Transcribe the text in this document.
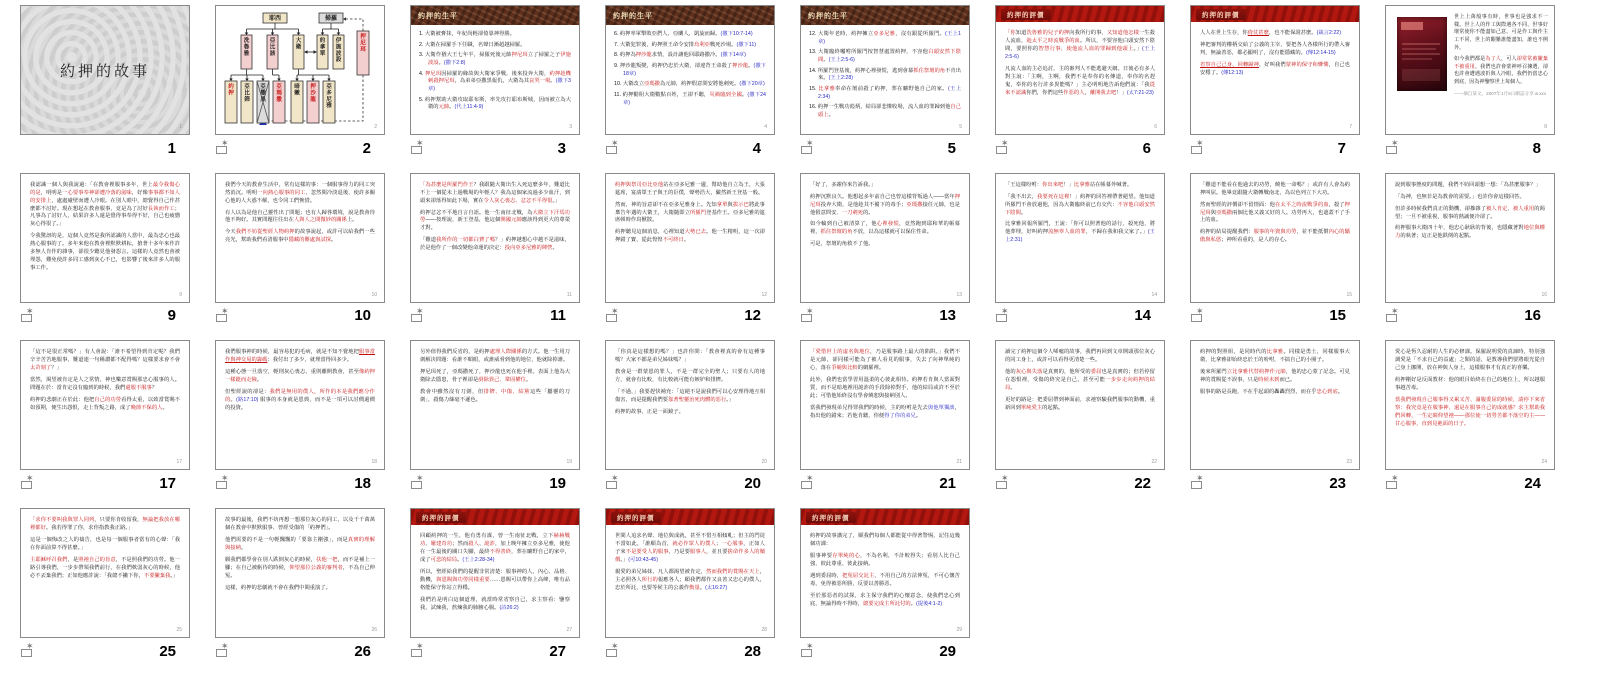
約押的故事
1
1
耶西	掃羅
洗魯雅
亞比該
大衛
約拿單
伊施波設
押尼珥
約押
亞比筛
亞撒黑
亞瑪撒
暗嫩
押沙龍
亞多尼雅
2
✶
2
約押的生平
1. 大衛被膏抹，年紀尚輕卻倚靠神得勝。
2. 大衛在掃羅手下任職，名聲日漸超越掃羅。
3. 大衛作猶大王七年半，掃羅死後元帥押尼珥立了掃羅之子伊施波設。(撒下2:8)
4. 押尼珥因掃羅的緣故與大衛家爭戰，後來投奔大衛，約押趁機刺殺押尼珥，為弟弟亞撒黑報仇，大衛為其哀哭一場。(撒下3章)
5. 約押幫助大衛攻取耶布斯，率先攻打耶布斯城，因而被立為大衛的元帥。(代上11:4-9)
3
✶
3
約押的生平
6. 約押率軍擊敗亞捫人、亞蘭人，凱旋而歸。(撒下10:7-14)
7. 大衛犯罪後，約押照王命令安排烏利亞戰死沙場。(撒下11)
8. 約押為押沙龍求情，設計讓他回耶路撒冷。(撒下14章)
9. 押沙龍叛變，約押仍忠於大衛，卻違背王命殺了押沙龍。(撒下18章)
10. 大衛改立亞瑪撒為元帥，約押假意問安將他刺死。(撒下20章)
11. 約押勸阻大衛數點百姓，王卻不聽，災禍臨到全國。(撒下24章)
4
✶
4
約押的生平
12. 大衛年老時，約押擁立亞多尼雅，沒有跟從所羅門。(王上1章)
13. 大衛臨終囑咐所羅門按智慧處置約押，不容他白頭安然下陰間。(王上2:5-6)
14. 所羅門登基後，約押心裡發慌，逃到會幕抓住祭壇的角不肯出來。(王上2:28)
15. 比拿雅奉命在壇前殺了約押，葬在曠野他自己的家。(王上2:34)
16. 約押一生戰功彪炳，結局卻悲慘收場，流人血的罪歸到他自己頭上。
5
✶
5
約押的評價
「你知道洗魯雅的兒子約押向我所行的事，又知道他怎樣一生殺人流血，趁太平之時流戰爭的血。所以，不要容他白頭安然下陰間，要照你的智慧行事，使他流人血的罪歸到他頭上。」(王上2:5-6)
凡流人血的主必追討，主的審判人不能逃避天網。日後必有多人對主說：「主啊，主啊，我們不是奉你的名傳道，奉你的名趕鬼，奉你的名行許多異能嗎？」主必明明地告訴他們說：「我從來不認識你們，你們這些作惡的人，離開我去吧！」(太7:21-23)
6
✶
6
約押的評價
人人在世上生存，你倚仗甚麼，也不能保證甚麼。(箴言2:22)
神把審判的權柄交給了公義的主宰，要把各人各樣所行的帶入審判，無論善惡，都必顯明了，沒有能隱藏的。(傳12:14-15)
省察自己己身、回轉歸神，好叫我們蒙神的保守和憐憫，自己也安穩了。(傳12:13)
7
✶
7
世上上萬般事有時，世事也是強求不一樣。世上人的作工與際遇各不同，世事好壞常使你不能盡如己意。可是作工與作主工不同，世上的艱難誰能盡知，誰也不例外。
如今我們都是為了人，可人卻常常被撇棄不被重用。我們也許會蒙神呼召揀選，卻也許會遭遇波折與人冷眼，我們仍當忠心到底，因為神鑒察世上每個人。
——摘自某文，2007年1月5日網誌分享 w.xxx
8
✶
8
我認識一個人與我說過：「在教會裡服事多年，世上最令我傷心的是，明明是一心要事奉神卻遭冷落的滋味，好像事事都不如人的安排上，處處碰壁而遭人冷眼。在別人眼中，總覺得自己作甚麼都不討好。現在想起在教會服事，竟是為了討好長執而作工；凡事為了討好人，結果許多人還是覺得事奉得不好，自己也疲憊灰心得很了。」
令我驚訝的是，這個人竟然是我所認識的人當中，最為忠心也最熱心服事的了。多年來他在教會裡默默耕耘，搶著十多年來作許多無人肯作的雜事，卻很少聽見他發怨言。這樣的人竟然也會被埋怨，難免使許多同工感到灰心不已，也影響了後來許多人的服事工作。
9
✶
9
我們今天的教會生活中，常有這樣的事：一個服事得力的同工突然消沉。明明一向熱心服事的同工，忽然間冷淡退後，使許多關心他的人大惑不解，也令同工們惋惜。
有人以為是他自己靈性出了問題；也有人歸咎環境，說是教會待他不夠好。其實問題往往出在人與人之間微妙的關係上。
今天我們不妨從聖經人物約押的故事說起，或許可以給我們一些亮光，幫助我們看清服事中隱藏的難處與試探。
10
✶
10
「為甚麼是所羅門作王？我跟隨大衛出生入死這麼多年，難道比不上一個從未上過戰場的年輕人？我為這個家流過多少血汗，到頭來卻落得如此下場，實在令人灰心喪志、忿忿不平得很。」
約押忿忿不平地自言自語。他一生南征北戰，為大衛立下汗馬功勞——按理說，新王登基，他這個開國元帥應該得到更大的尊榮才對。
「難道我所作的一切都白費了嗎？」約押越想心中越不是滋味，於是他作了一個改變他命運的決定：投向亞多尼雅的陣營。
11
✶
11
約押與祭司亞比亞他站在亞多尼雅一邊，幫助他自立為王，大張筵席，宴請眾王子與王的臣僕，聲勢浩大，儼然新王登基一般。
然而，神的旨意卻不在亞多尼雅身上。先知拿單與拔示巴將此事稟告年邁的大衛王，大衛隨即立所羅門登基作王。亞多尼雅的筵席頓時作鳥獸散。
約押聽見這個消息，心裡知道大勢已去。他一生精明，這一次卻押錯了寶，從此惶惶不可終日。
12
✶
12
「好了，多謝你來告訴我。」
約押沉默良久。他想起多年前自己也曾這樣背叛過人——當年押尼珥投奔大衛，是他趁其不備下的毒手；亞瑪撒接任元帥，也是他假意問安、一刀刺死的。
如今輪到自己被清算了，他心裡發慌，竟然跑到耶和華的帳幕裡，抓住祭壇的角不放，以為這樣就可以保住性命。
可是，祭壇的角救不了他。
13
✶
13
「王這樣吩咐：你出來吧！」比拿雅站在帳幕外喊著。
「我不出去，我要死在這裡！」約押的回答裡帶著絕望。他知道所羅門不會放過他，因為大衛臨終前已有交代：不容他白頭安然下陰間。
比拿雅回報所羅門，王說：「你可以照著他的話行，殺死他，將他葬埋，好叫約押流無辜人血的罪，不歸在我和我父家了。」(王上2:31)
14
✶
14
「難道不能看在他過去的功勞，饒他一命嗎？」或許有人會為約押叫屈。他畢竟跟隨大衛轉戰南北，為以色列立下大功。
然而聖經的評價卻不留情面：他在太平之時流戰爭的血，殺了押尼珥與亞瑪撒兩個比他又義又好的人。功勞再大，也遮蓋不了手上的血。
約押的結局提醒我們：服事的年資與功勞，並不能抵償內心的驕傲與私慾；神所看重的，是人的存心。
15
✶
15
說到服事態度的問題，我們不妨回頭想一想：「為甚麼服事？」
「為神，也無非是為教會的需要。」也許你會這樣回答。
但許多時候我們真正的動機，卻摻雜了被人肯定、被人重用的渴望；一旦不被重視，服事的熱誠便冷卻了。
約押服事大衛四十年，他忠心耿耿的背後，也隱藏著對地位與權力的執著；這正是他跌倒的起點。
16
✶
16
「這不是很正常嗎？」有人會說：「誰不希望得到肯定呢？我們辛辛苦苦地服事，難道連一句稱讚都不配得嗎？這樣要求會不會太苛刻了？」
當然，渴望被肯定是人之常情，神也樂意賞賜那忠心服事的人。問題在於：當肯定沒有臨到的時候，我們還服不服事？
約押的悲劇正在於此：他把自己的功勞看得太重，以致當賞賜不如預期，便生出怨恨，走上背叛之路，成了晚節不保的人。
17
✶
17
我們服事神的時候，最容易犯的毛病，就是不知不覺地把服事當作與神交易的籌碼：我付出了多少，就理當得回多少。
這種心態一旦落空，輕則灰心喪志，重則離開教會，甚至像約押一樣鋌而走險。
但聖經說的卻是：我們是無用的僕人，所作的本是我們應分作的。(路17:10) 服事的本身就是恩典，而不是一項可以討價還價的投資。
18
✶
18
另外值得我們反省的，是約押處理人際關係的方式。他一生用刀劍解決問題：看誰不順眼，或誰威脅到他的地位，他就除掉誰。
押尼珥死了，亞瑪撒死了，押沙龍也死在他手裡。表面上他為大衛除去隱患，骨子裡卻是剷除異己、鞏固權位。
教會中雖然沒有刀劍，但排擠、中傷、結黨這些「屬靈的刀劍」，殺傷力絲毫不遜色。
19
✶
19
「你真是這樣想的嗎？」也許你問：「教會裡真的會有這種事嗎？大家不都是弟兄姊妹嗎？」
教會是一群蒙恩的罪人，不是一群完全的聖人；只要有人的地方，就會有比較，有比較就可能有嫉妒和排擠。
「不過，」我要趕快補充：「這絕不是說我們可以心安理得地互相傷害，而是提醒我們要靠著聖靈治死肉體的惡行。」
約押的故事，正是一面鏡子。
20
✶
20
「愛惜世上的虛名與地位，乃是服事路上最大的陷阱。」我們不是元帥，卻同樣可能為了被人看見的服事，失去了向神單純的心，落在爭競與比較的網羅裡。
此外，我們也當學習用溫柔的心彼此相待。約押若肯與人當面對質，而不是暗地裡用詭詐的手段除掉對手，他的結局或許不至於此；可惜他始終沒有學會饒恕與接納別人。
當我們發現弟兄得罪我們的時候，主的吩咐是先去與他單獨談，指出他的錯來；若他肯聽，你便得了你的弟兄。
21
✶
21
讀完了約押這個令人唏噓的故事，我們再回到文章開頭那位灰心的同工身上，或許可以看得更清楚一些。
他的灰心與失落是真實的，他所受的委屈也是真實的；但若停留在怨恨裡，受傷的終究是自己，甚至可能一步步走向約押的結局。
更好的路是：把委屈帶到神面前，求祂察驗我們服事的動機，重新回到單純愛主的起點。
22
✶
22
約押的對照組，是同時代的比拿雅。同樣是勇士，同樣服事大衛，比拿雅卻始終忠於王的吩咐，不搞自己的小圈子。
後來所羅門立比拿雅代替約押作元帥，他的忠心蒙了記念。可見神的賞賜從不誤事，只是時候未到而已。
服事的路是長跑，不在乎起頭的轟轟烈烈，而在乎忠心到底。
23
✶
23
愛心是恆久忍耐的人生的必修課。保羅說明愛的真諦時，特別強調愛是「不求自己的益處」之類的話，是教導我們要將眼光從自己身上挪開，放在神與人身上，這樣服事才有真正的喜樂。
約押剛好是反面教材：他的眼目始終在自己的地位上，所以越服事越苦毒。
當我們發現自己服事得又累又苦、滿腹委屈的時候，請停下來省察：我究竟是在服事神，還是在服事自己的成就感？求主幫助我們回轉，一生定睛仰望祂——那位使一切勞苦都不落空的主——甘心服事，直到見祂面的日子。
24
✶
24
「求你不要叫我與罪人同列，只要你肯收留我，無論把我放在哪裡都好。我若得罪了你，求你指教我正路。」
這是一個悔改之人的禱告，也是每一個服事者當有的心聲：「我在你面前算不得甚麼。」
主耶穌呼召我們，是照祂自己的旨意，不是照我們的功勞。他一路引導我們，一步步帶領我們前行，在我們軟弱灰心的時候，他必不丟棄我們；正如他應許說：「我總不撇下你，不要撇棄我。」
25
✶
25
故事的最後，我們不妨再想一想那位灰心的同工，以及千千萬萬個在教會中默默服事、曾經受傷的「約押們」。
他們需要的不是一句輕飄飄的「要靠主剛強」，而是真實的理解與接納。
願我們都學會在別人跌倒灰心的時候，扶他一把，而不是補上一腳；在自己被虧待的時候，仰望那位公義的審判者，不為自己伸冤。
這樣，約押的悲劇就不會在我們中間重演了。
26
✶
26
約押的評價
回顧約押的一生，他有勇有謀，曾一生南征北戰，立下赫赫戰功、屢建奇功；然而殺人、詭詐，加上晚年擁立亞多尼雅，使他在一生最後的關口失腳，最終不得善終，葬在曠野自己的家中，成了可悲的結局。(王上2:28-34)
所以，聖經給我們的提醒非常清楚：服事神的人，內心、品格、動機，與恩賜與功勞同樣重要……恩賜可以帶你上高峰，唯有品格能保守你站立得穩。
我們若是明白這個道理，就當時常省察自己，求主察看：鑒察我，試煉我，熬煉我的肺腑心腸。(詩26:2)
27
✶
27
約押的評價
世間人追求名聲、地位與成就，甚至不惜互相傾軋；但主的門徒不當如此，「誰願為首，就必作眾人的僕人；一心服事，正如人子來不是要受人的服事，乃是要服事人，並且要捨命作多人的贖價。」(可10:43-45)
親愛的弟兄姊妹，凡人都渴望被肯定，然而我們的賞賜在天上，主必照各人所行的報應各人；願我們都作又良善又忠心的僕人，忠於所託，也要等候主的公義作衡量。(太16:27)
28
✶
28
約押的評價
約押的故事講完了，願我們每個人都能從中得著警惕，記住這幾個功課：
服事神要存單純的心，不為名利，不計較得失；看別人比自己強，彼此尊重、彼此接納。
遇到委屈時，把冤屈交託主，不用自己的方法伸冤，不可心懷苦毒，免得被惡所勝，反要以善勝惡。
至於那惡者的試探，求主保守我們的心懷意念，使我們忠心到底，無論得時不得時，總要完成主所託付的。(提後4:1-2)
29
✶
29
